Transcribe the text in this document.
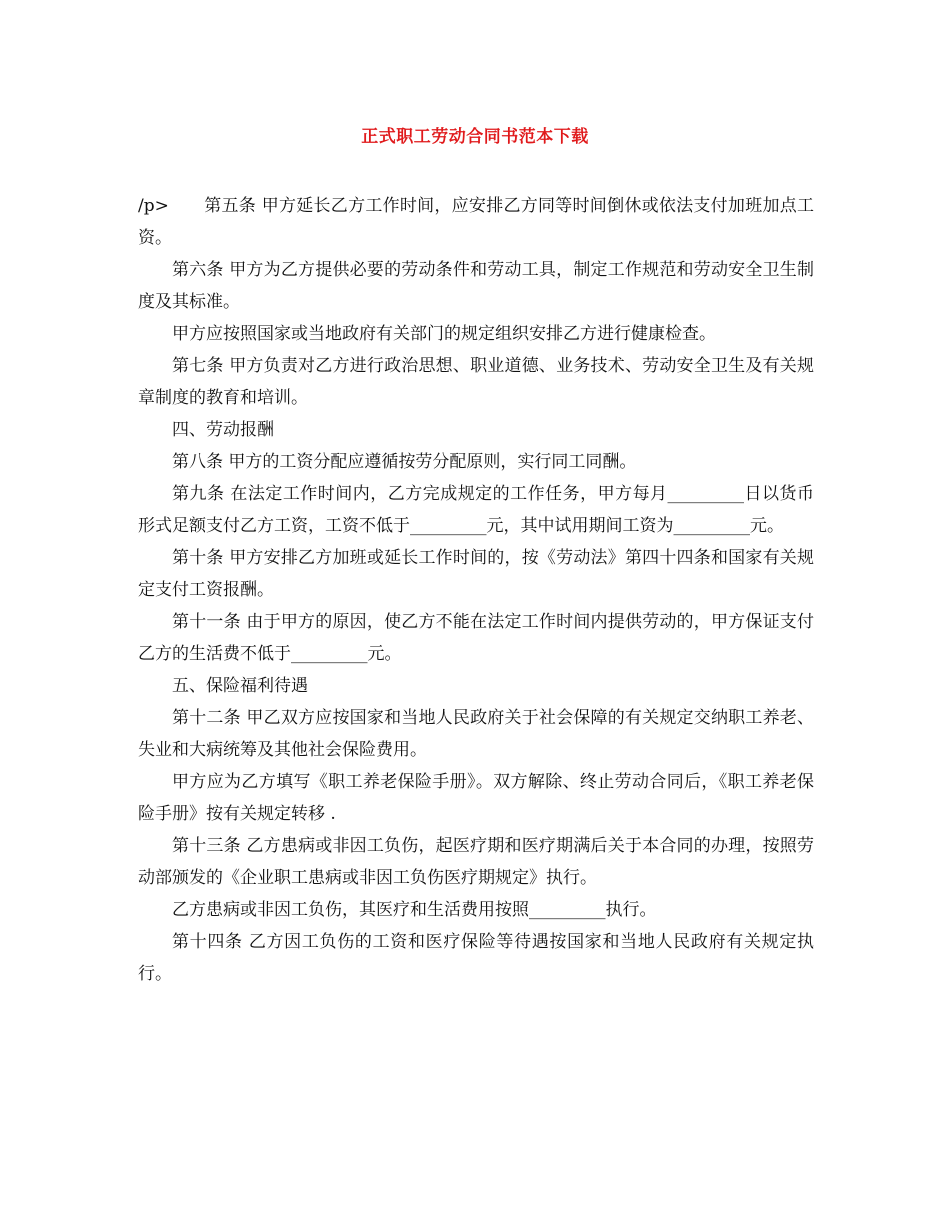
正式职工劳动合同书范本下载

/p> 第五条 甲方延长乙方工作时间，应安排乙方同等时间倒休或依法支付加班加点工资。

第六条 甲方为乙方提供必要的劳动条件和劳动工具，制定工作规范和劳动安全卫生制度及其标准。

甲方应按照国家或当地政府有关部门的规定组织安排乙方进行健康检查。

第七条 甲方负责对乙方进行政治思想、职业道德、业务技术、劳动安全卫生及有关规章制度的教育和培训。

四、劳动报酬

第八条 甲方的工资分配应遵循按劳分配原则，实行同工同酬。

第九条 在法定工作时间内，乙方完成规定的工作任务，甲方每月_________日以货币形式足额支付乙方工资，工资不低于_________元，其中试用期间工资为_________元。

第十条 甲方安排乙方加班或延长工作时间的，按《劳动法》第四十四条和国家有关规定支付工资报酬。

第十一条 由于甲方的原因，使乙方不能在法定工作时间内提供劳动的，甲方保证支付乙方的生活费不低于_________元。

五、保险福利待遇

第十二条 甲乙双方应按国家和当地人民政府关于社会保障的有关规定交纳职工养老、失业和大病统筹及其他社会保险费用。

甲方应为乙方填写《职工养老保险手册》。双方解除、终止劳动合同后，《职工养老保险手册》按有关规定转移 .

第十三条 乙方患病或非因工负伤，起医疗期和医疗期满后关于本合同的办理，按照劳动部颁发的《企业职工患病或非因工负伤医疗期规定》执行。

乙方患病或非因工负伤，其医疗和生活费用按照_________执行。

第十四条 乙方因工负伤的工资和医疗保险等待遇按国家和当地人民政府有关规定执行。
